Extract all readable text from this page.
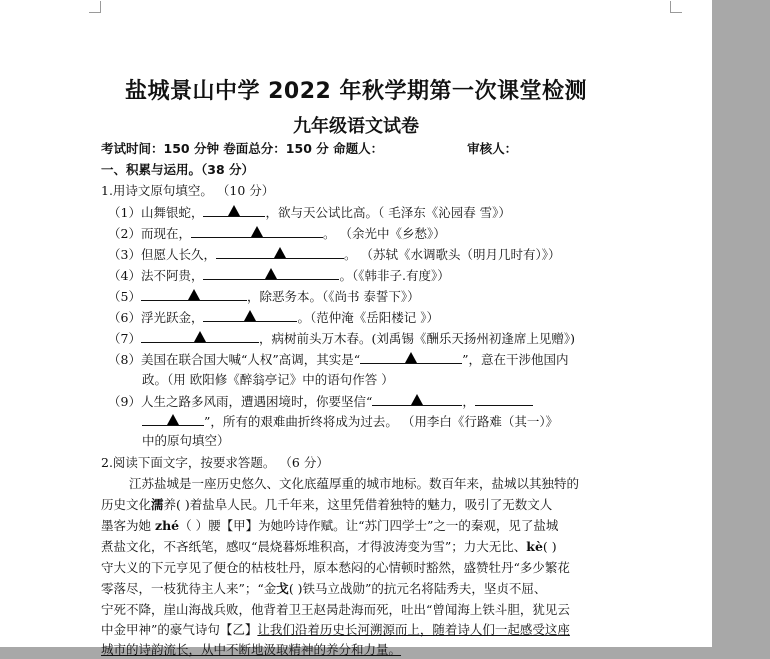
盐城景山中学 2022 年秋学期第一次课堂检测
九年级语文试卷
考试时间：150 分钟 卷面总分：150 分 命题人：	审核人：
一、积累与运用。（38 分）
1.用诗文原句填空。 （10 分）
（1）山舞银蛇，	，欲与天公试比高。（ 毛泽东《沁园春 雪》）
（2）而现在，	。 （余光中《乡愁》）
（3）但愿人长久，	。 （苏轼《水调歌头（明月几时有）》）
（4）法不阿贵，	。（《韩非子.有度》）
（5）	，除恶务本。（《尚书 泰誓下》）
（6）浮光跃金，	。（范仲淹《岳阳楼记 》）
（7）	，病树前头万木春。(刘禹锡《酬乐天扬州初逢席上见赠》)
（8）美国在联合国大喊“人权”高调，其实是“	”，意在干涉他国内
政。（用 欧阳修《醉翁亭记》中的语句作答 ）
（9）人生之路多风雨，遭遇困境时，你要坚信“	，
”，所有的艰难曲折终将成为过去。 （用李白《行路难（其一）》
中的原句填空）
2.阅读下面文字，按要求答题。 （6 分）
江苏盐城是一座历史悠久、文化底蕴厚重的城市地标。数百年来，盐城以其独特的
历史文化濡养( )着盐阜人民。几千年来，这里凭借着独特的魅力，吸引了无数文人
墨客为她 zhé（ ）腰【甲】为她吟诗作赋。让“苏门四学士”之一的秦观，见了盐城
煮盐文化，不吝纸笔，感叹“晨烧暮烁堆积高，才得波涛变为雪”；力大无比、kè( )
守大义的下元亨见了便仓的枯枝牡丹，原本愁闷的心情顿时豁然，盛赞牡丹“多少繁花
零落尽，一枝犹待主人来”；“金戈( )铁马立战勋”的抗元名将陆秀夫，坚贞不屈、
宁死不降，崖山海战兵败，他背着卫王赵昺赴海而死，吐出“曾闻海上铁斗胆，犹见云
中金甲神”的豪气诗句【乙】让我们沿着历史长河溯源而上，随着诗人们一起感受这座
城市的诗韵流长，从中不断地汲取精神的养分和力量。
